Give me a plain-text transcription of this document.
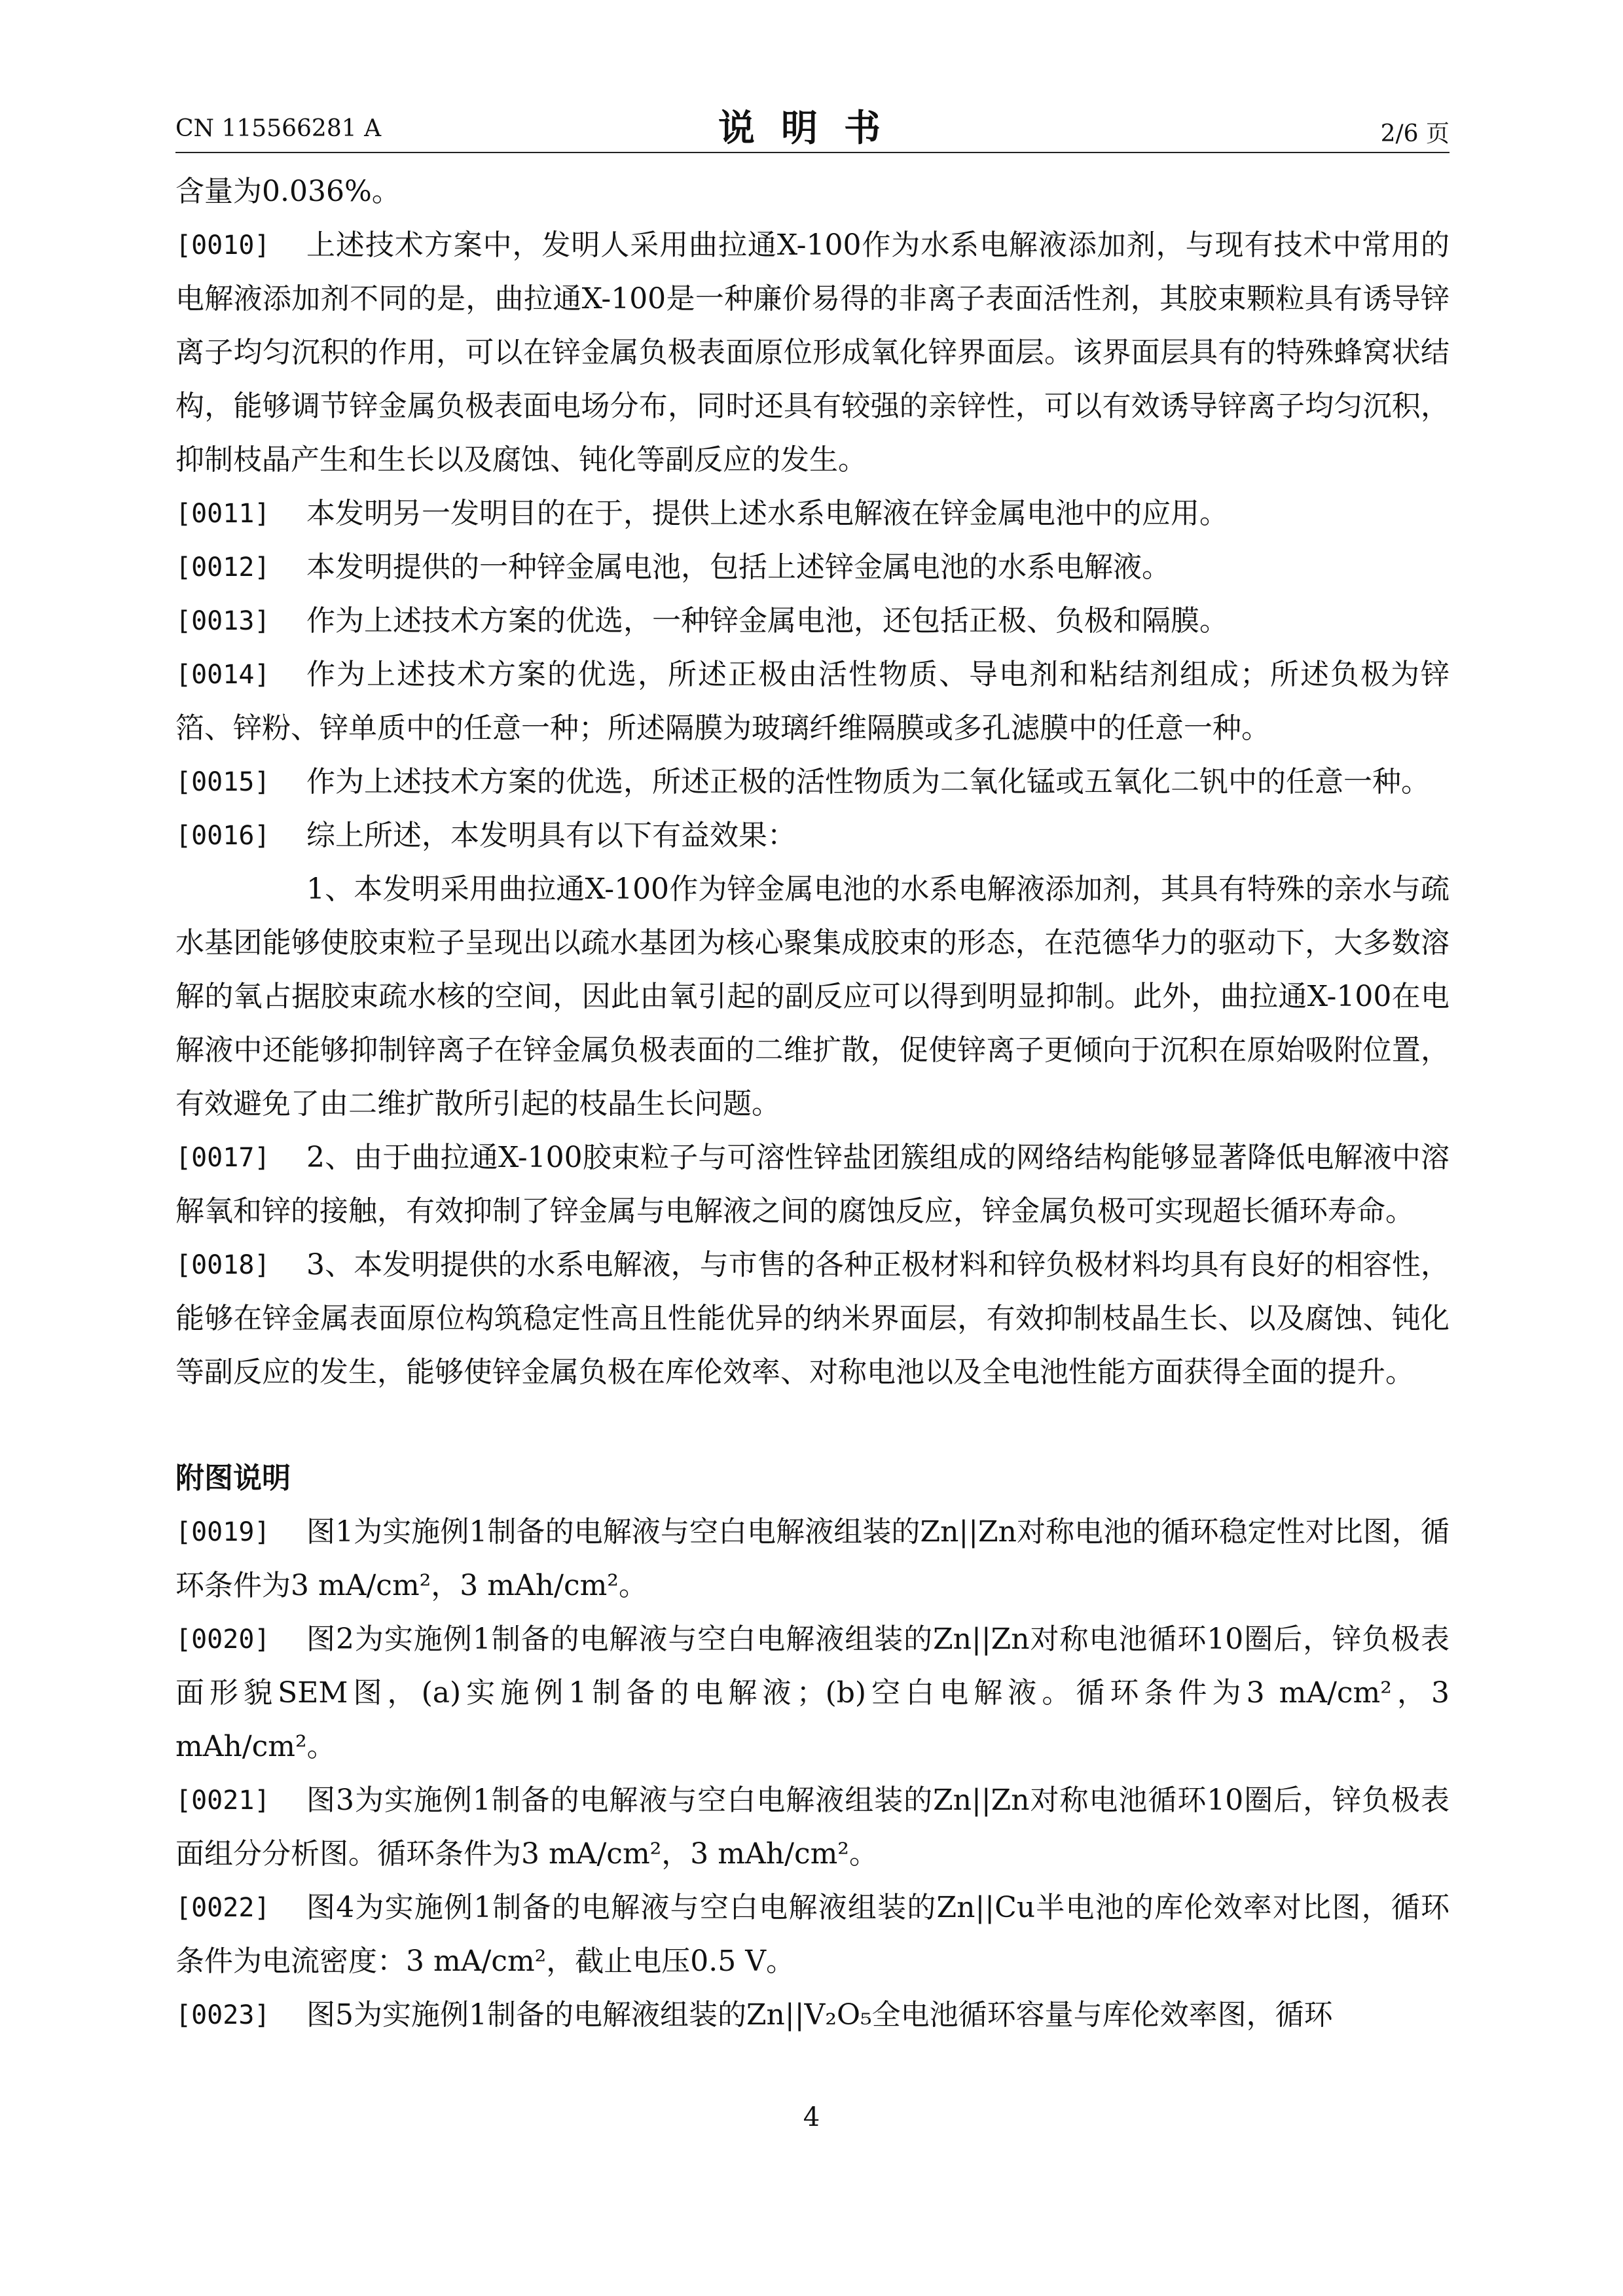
CN 115566281 A	说明书	2/6 页

含量为0.036%。

[0010]	上述技术方案中，发明人采用曲拉通X-100作为水系电解液添加剂，与现有技术中常用的电解液添加剂不同的是，曲拉通X-100是一种廉价易得的非离子表面活性剂，其胶束颗粒具有诱导锌离子均匀沉积的作用，可以在锌金属负极表面原位形成氧化锌界面层。该界面层具有的特殊蜂窝状结构，能够调节锌金属负极表面电场分布，同时还具有较强的亲锌性，可以有效诱导锌离子均匀沉积，抑制枝晶产生和生长以及腐蚀、钝化等副反应的发生。
[0011]	本发明另一发明目的在于，提供上述水系电解液在锌金属电池中的应用。
[0012]	本发明提供的一种锌金属电池，包括上述锌金属电池的水系电解液。
[0013]	作为上述技术方案的优选，一种锌金属电池，还包括正极、负极和隔膜。
[0014]	作为上述技术方案的优选，所述正极由活性物质、导电剂和粘结剂组成；所述负极为锌箔、锌粉、锌单质中的任意一种；所述隔膜为玻璃纤维隔膜或多孔滤膜中的任意一种。
[0015]	作为上述技术方案的优选，所述正极的活性物质为二氧化锰或五氧化二钒中的任意一种。
[0016]	综上所述，本发明具有以下有益效果：

1、本发明采用曲拉通X-100作为锌金属电池的水系电解液添加剂，其具有特殊的亲水与疏水基团能够使胶束粒子呈现出以疏水基团为核心聚集成胶束的形态，在范德华力的驱动下，大多数溶解的氧占据胶束疏水核的空间，因此由氧引起的副反应可以得到明显抑制。此外，曲拉通X-100在电解液中还能够抑制锌离子在锌金属负极表面的二维扩散，促使锌离子更倾向于沉积在原始吸附位置，有效避免了由二维扩散所引起的枝晶生长问题。

[0017]	2、由于曲拉通X-100胶束粒子与可溶性锌盐团簇组成的网络结构能够显著降低电解液中溶解氧和锌的接触，有效抑制了锌金属与电解液之间的腐蚀反应，锌金属负极可实现超长循环寿命。
[0018]	3、本发明提供的水系电解液，与市售的各种正极材料和锌负极材料均具有良好的相容性，能够在锌金属表面原位构筑稳定性高且性能优异的纳米界面层，有效抑制枝晶生长、以及腐蚀、钝化等副反应的发生，能够使锌金属负极在库伦效率、对称电池以及全电池性能方面获得全面的提升。

附图说明

[0019]	图1为实施例1制备的电解液与空白电解液组装的Zn||Zn对称电池的循环稳定性对比图，循环条件为3 mA/cm²，3 mAh/cm²。
[0020]	图2为实施例1制备的电解液与空白电解液组装的Zn||Zn对称电池循环10圈后，锌负极表面形貌SEM图，(a)实施例1制备的电解液；(b)空白电解液。循环条件为3 mA/cm²，3 mAh/cm²。
[0021]	图3为实施例1制备的电解液与空白电解液组装的Zn||Zn对称电池循环10圈后，锌负极表面组分分析图。循环条件为3 mA/cm²，3 mAh/cm²。
[0022]	图4为实施例1制备的电解液与空白电解液组装的Zn||Cu半电池的库伦效率对比图，循环条件为电流密度：3 mA/cm²，截止电压0.5 V。
[0023]	图5为实施例1制备的电解液组装的Zn||V₂O₅全电池循环容量与库伦效率图，循环
4
